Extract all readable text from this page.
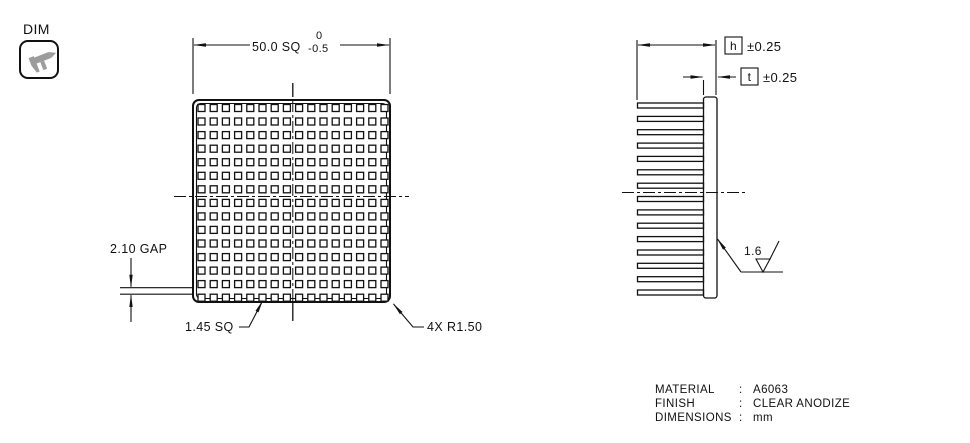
DIM
50.0 SQ
0
-0.5
2.10 GAP
1.45 SQ	4X R1.50
h ±0.25
t ±0.25
1.6
MATERIAL : A6063
FINISH	: CLEAR ANODIZE
DIMENSIONS : mm
